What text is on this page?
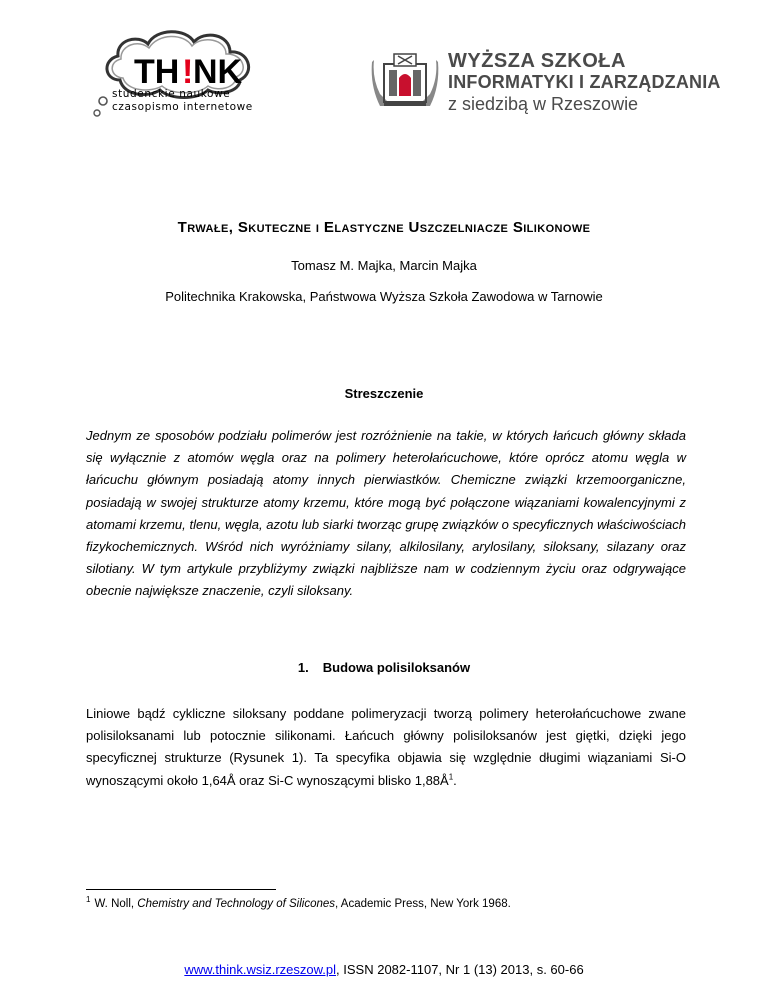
TH ! NK
studenckie naukowe
czasopismo internetowe
WYŻSZA SZKOŁA
INFORMATYKI I ZARZĄDZANIA
z siedzibą w Rzeszowie
Trwałe, Skuteczne i Elastyczne Uszczelniacze Silikonowe
Tomasz M. Majka, Marcin Majka
Politechnika Krakowska, Państwowa Wyższa Szkoła Zawodowa w Tarnowie
Streszczenie
Jednym ze sposobów podziału polimerów jest rozróżnienie na takie, w których łańcuch główny składa się wyłącznie z atomów węgla oraz na polimery heterołańcuchowe, które oprócz atomu węgla w łańcuchu głównym posiadają atomy innych pierwiastków. Chemiczne związki krzemoorganiczne, posiadają w swojej strukturze atomy krzemu, które mogą być połączone wiązaniami kowalencyjnymi z atomami krzemu, tlenu, węgla, azotu lub siarki tworząc grupę związków o specyficznych właściwościach fizykochemicznych. Wśród nich wyróżniamy silany, alkilosilany, arylosilany, siloksany, silazany oraz silotiany. W tym artykule przybliżymy związki najbliższe nam w codziennym życiu oraz odgrywające obecnie największe znaczenie, czyli siloksany.
1. Budowa polisiloksanów
Liniowe bądź cykliczne siloksany poddane polimeryzacji tworzą polimery heterołańcuchowe zwane polisiloksanami lub potocznie silikonami. Łańcuch główny polisiloksanów jest giętki, dzięki jego specyficznej strukturze (Rysunek 1). Ta specyfika objawia się względnie długimi wiązaniami Si-O wynoszącymi około 1,64Å oraz Si-C wynoszącymi blisko $1,88Å^1$.
$^1$ W. Noll, Chemistry and Technology of Silicones, Academic Press, New York 1968.
www.think.wsiz.rzeszow.pl, ISSN 2082-1107, Nr 1 (13) 2013, s. 60-66
